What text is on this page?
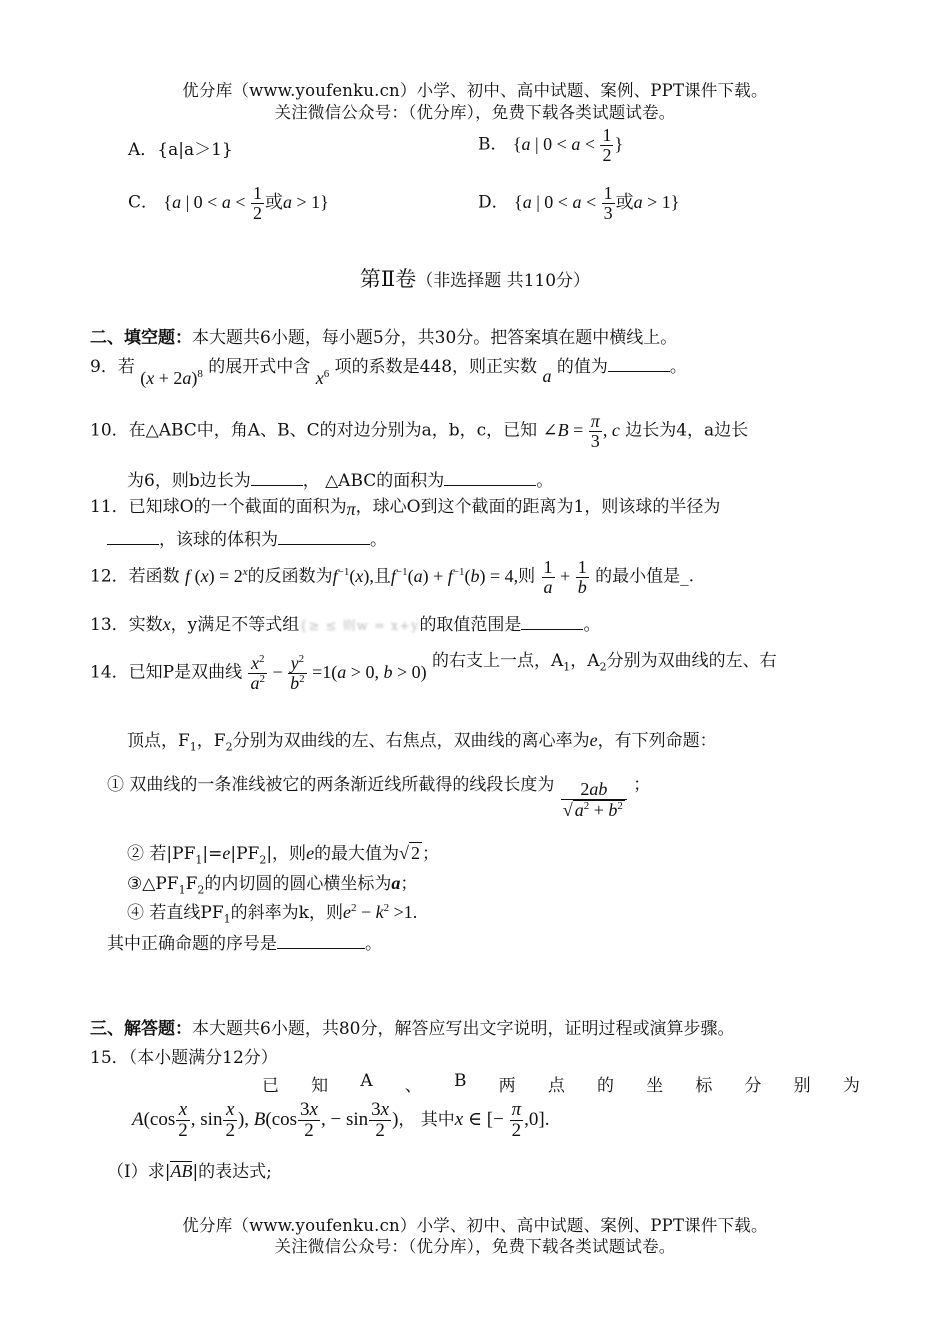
优分库（www.youfenku.cn）小学、初中、高中试题、案例、PPT课件下载。
关注微信公众号：（优分库），免费下载各类试题试卷。
A．{a|a＞1}	B． {a | $0 < a < \frac{1}{2}$ }
C． {a | $0 < a < \frac{1}{2}$ 或a > 1}	D． {a | $0 < a < \frac{1}{3}$ 或a > 1}
第Ⅱ卷（非选择题 共110分）
二、填空题：本大题共6小题，每小题5分，共30分。把答案填在题中横线上。
9．若 $(x + 2a)^8$ 的展开式中含 $x^6$ 项的系数是448，则正实数 a 的值为	。
10．在△ABC中，角A、B、C的对边分别为a，b，c，已知 ∠B = $\frac{\pi}{3}$ , c 边长为4，a边长
为6，则b边长为	， △ABC的面积为	。
11．已知球O的一个截面的面积为π，球心O到这个截面的距离为1，则该球的半径为
，该球的体积为	。
12．若函数 f $(x) = 2^x$的反函数为$f^{-1}(x)$,且$f^{-1}(a) + f^{-1}(b) = 4$,则 $\frac{1}{a} + \frac{1}{b}$ 的最小值是_.
13．实数x，y满足不等式组{≥ ≤ 则w = x+y的取值范围是	。
14．已知P是双曲线 $\frac{x^2}{a^2} - \frac{y^2}{b^2} =1(a > 0$, b > 0) 的右支上一点，$A_1$，$A_2$分别为双曲线的左、右
顶点，$F_1$，$F_2$分别为双曲线的左、右焦点，双曲线的离心率为e，有下列命题：
① 双曲线的一条准线被它的两条渐近线所截得的线段长度为 $\frac{2ab}{√ a^2 + b^2}$ ；
② 若$|PF_1|=e|PF_2|$，则e的最大值为√ 2 ；
$③\triangle PF_1F_2$的内切圆的圆心横坐标为a；
④ 若直线$PF_1$的斜率为k，则$e^2 - k^2 >1$.
其中正确命题的序号是	。
三、解答题：本大题共6小题，共80分，解答应写出文字说明，证明过程或演算步骤。
15．（本小题满分12分）
已 知 A 、 B 两 点 的 坐 标 分 别 为
$A(\cos \frac{x}{2}$ , $\sin \frac{x}{2}$ ), $B(\cos \frac{3x}{2}$ , − $\sin \frac{3x}{2}$ )， 其中x ∈ [− $\frac{\pi}{2} ,0$].
（Ⅰ）求|AB|的表达式;
优分库（www.youfenku.cn）小学、初中、高中试题、案例、PPT课件下载。
关注微信公众号：（优分库），免费下载各类试题试卷。
